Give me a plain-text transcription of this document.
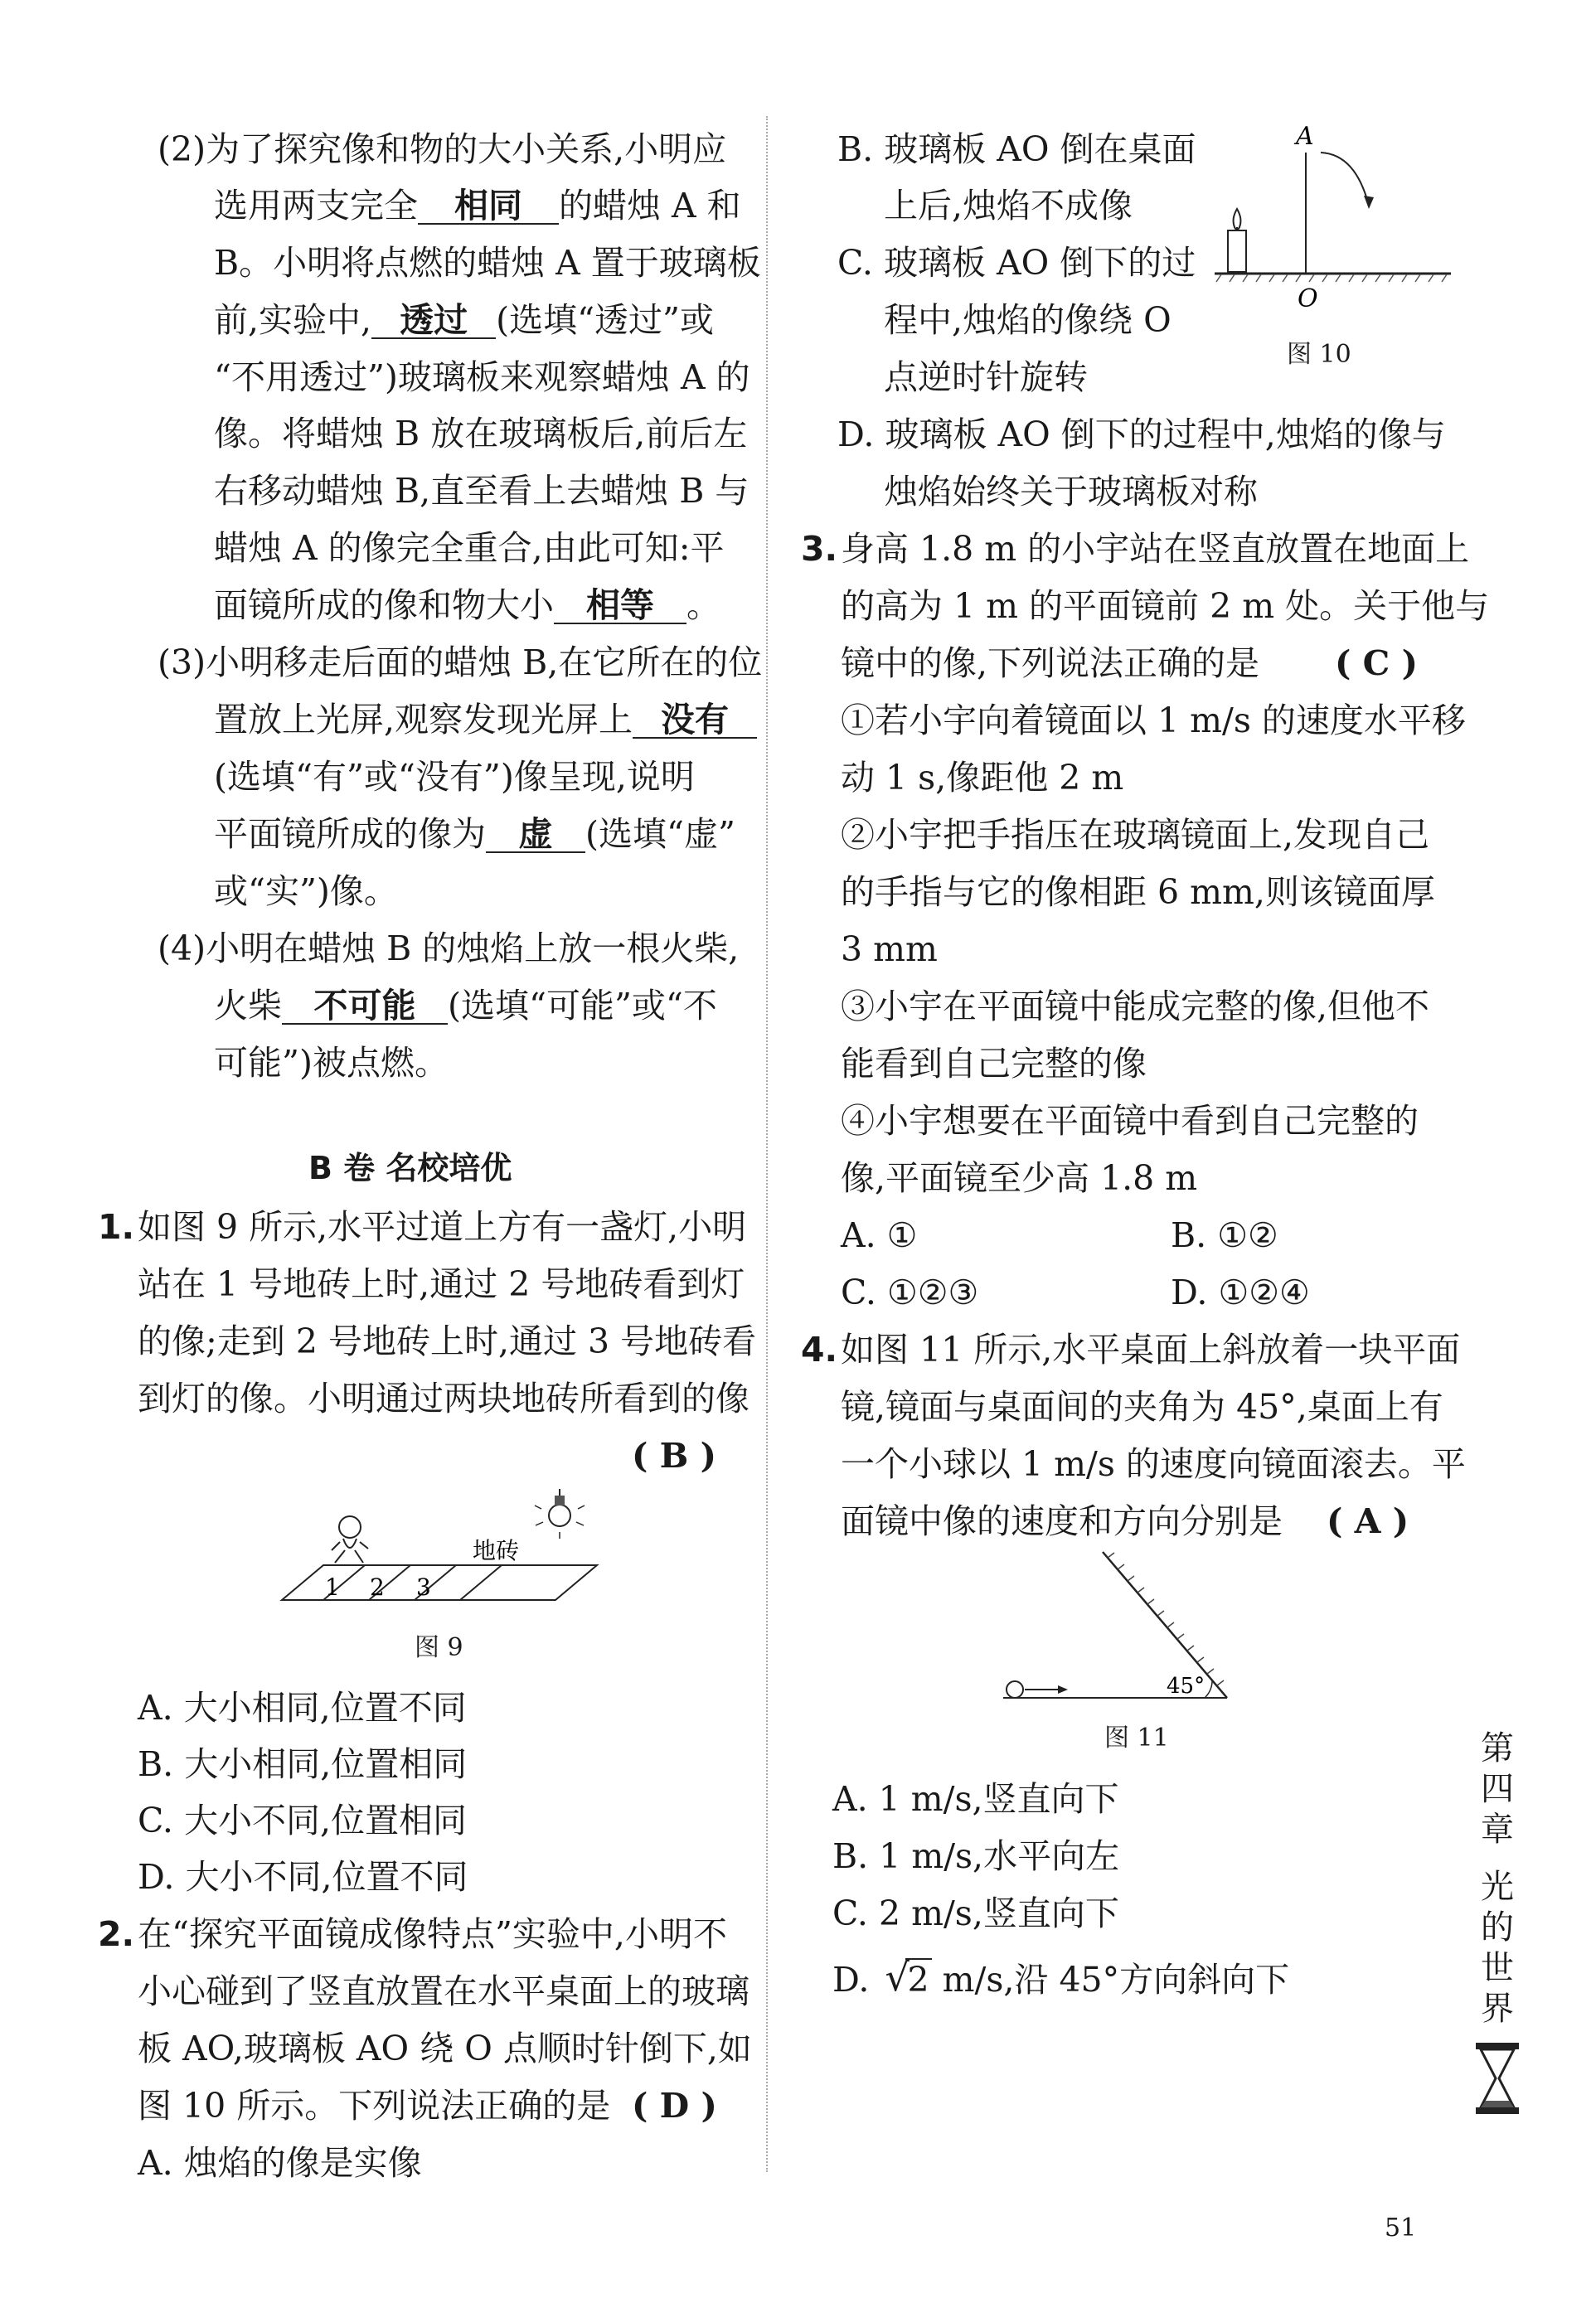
(2)为了探究像和物的大小关系,小明应
选用两支完全 相同 的蜡烛 A 和
B。小明将点燃的蜡烛 A 置于玻璃板
前,实验中, 透过 (选填“透过”或
“不用透过”)玻璃板来观察蜡烛 A 的
像。将蜡烛 B 放在玻璃板后,前后左
右移动蜡烛 B,直至看上去蜡烛 B 与
蜡烛 A 的像完全重合,由此可知:平
面镜所成的像和物大小 相等 。
(3)小明移走后面的蜡烛 B,在它所在的位
置放上光屏,观察发现光屏上 没有
(选填“有”或“没有”)像呈现,说明
平面镜所成的像为 虚 (选填“虚”
或“实”)像。
(4)小明在蜡烛 B 的烛焰上放一根火柴,
火柴 不可能 (选填“可能”或“不
可能”)被点燃。
B 卷 名校培优
1. 如图 9 所示,水平过道上方有一盏灯,小明
站在 1 号地砖上时,通过 2 号地砖看到灯
的像;走到 2 号地砖上时,通过 3 号地砖看
到灯的像。小明通过两块地砖所看到的像
( B )
1 2 3
地砖
图 9
A. 大小相同,位置不同
B. 大小相同,位置相同
C. 大小不同,位置相同
D. 大小不同,位置不同
2. 在“探究平面镜成像特点”实验中,小明不
小心碰到了竖直放置在水平桌面上的玻璃
板 AO,玻璃板 AO 绕 O 点顺时针倒下,如
图 10 所示。下列说法正确的是 ( D )
A. 烛焰的像是实像
B. 玻璃板 AO 倒在桌面
上后,烛焰不成像
C. 玻璃板 AO 倒下的过
程中,烛焰的像绕 O
点逆时针旋转
A
O
图 10
D. 玻璃板 AO 倒下的过程中,烛焰的像与
烛焰始终关于玻璃板对称
3. 身高 1.8 m 的小宇站在竖直放置在地面上
的高为 1 m 的平面镜前 2 m 处。关于他与
镜中的像,下列说法正确的是 ( C )
①若小宇向着镜面以 1 m/s 的速度水平移
动 1 s,像距他 2 m
②小宇把手指压在玻璃镜面上,发现自己
的手指与它的像相距 6 mm,则该镜面厚
3 mm
③小宇在平面镜中能成完整的像,但他不
能看到自己完整的像
④小宇想要在平面镜中看到自己完整的
像,平面镜至少高 1.8 m
A. ①	B. ①②
C. ①②③	D. ①②④
4. 如图 11 所示,水平桌面上斜放着一块平面
镜,镜面与桌面间的夹角为 45°,桌面上有
一个小球以 1 m/s 的速度向镜面滚去。平
面镜中像的速度和方向分别是 ( A )
45°
图 11
A. 1 m/s,竖直向下
B. 1 m/s,水平向左
C. 2 m/s,竖直向下
D. √
2 m/s,沿 45°方向斜向下
第
四
章
光
的
世
界
51
